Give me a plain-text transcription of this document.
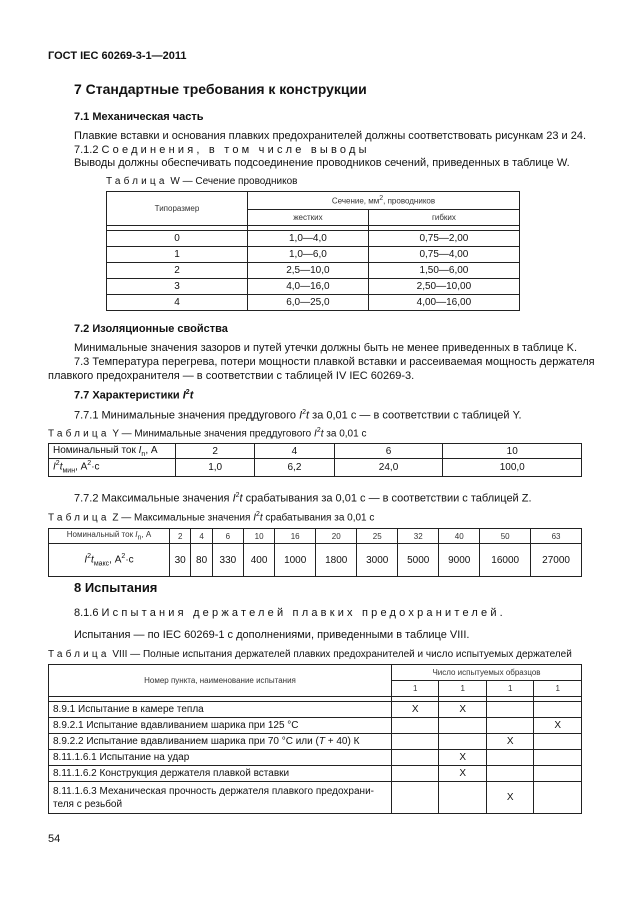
ГОСТ IEC 60269-3-1—2011
7 Стандартные требования к конструкции
7.1 Механическая часть
Плавкие вставки и основания плавких предохранителей должны соответствовать рисункам 23 и 24.
7.1.2 Соединения, в том числе выводы
Выводы должны обеспечивать подсоединение проводников сечений, приведенных в таблице W.
Таблица W — Сечение проводников
Типоразмер	Сечение, $мм^2$, проводников	
	жестких	гибких

0	1,0—4,0	0,75—2,00
1	1,0—6,0	0,75—4,00
2	2,5—10,0	1,50—6,00
3	4,0—16,0	2,50—10,00
4	6,0—25,0	4,00—16,00
7.2 Изоляционные свойства
Минимальные значения зазоров и путей утечки должны быть не менее приведенных в таблице K.
7.3 Температура перегрева, потери мощности плавкой вставки и рассеиваемая мощность держателя
плавкого предохранителя — в соответствии с таблицей IV IEC 60269-3.
7.7 Характеристики $I^2t$
7.7.1 Минимальные значения преддугового $I^2t$ за 0,01 с — в соответствии с таблицей Y.
Таблица Y — Минимальные значения преддугового $I^2t$ за 0,01 с
Номинальный ток $I_n$, А	2	4	6	10
$I^2t_{мин}$, $А^2\cdot с$	1,0	6,2	24,0	100,0
7.7.2 Максимальные значения $I^2t$ срабатывания за 0,01 с — в соответствии с таблицей Z.
Таблица Z — Максимальные значения $I^2t$ срабатывания за 0,01 с
Номинальный ток $I_n$, А	2	4	6	10	16	20	25	32	40	50	63
$I^2t_{макс}$, $А^2\cdot с$	30	80	330	400	1000	1800	3000	5000	9000	16000	27000
8 Испытания
8.1.6 Испытания держателей плавких предохранителей.
Испытания — по IEC 60269-1 с дополнениями, приведенными в таблице VIII.
Таблица VIII — Полные испытания держателей плавких предохранителей и число испытуемых держателей
Номер пункта, наименование испытания	Число испытуемых образцов			
	1	1	1	1

8.9.1 Испытание в камере тепла	X	X		
8.9.2.1 Испытание вдавливанием шарика при 125 °С				X
8.9.2.2 Испытание вдавливанием шарика при 70 °С или (T + 40) К			X	
8.11.1.6.1 Испытание на удар		X		
8.11.1.6.2 Конструкция держателя плавкой вставки		X		
8.11.1.6.3 Механическая прочность держателя плавкого предохрани-
теля с резьбой			X	
54
